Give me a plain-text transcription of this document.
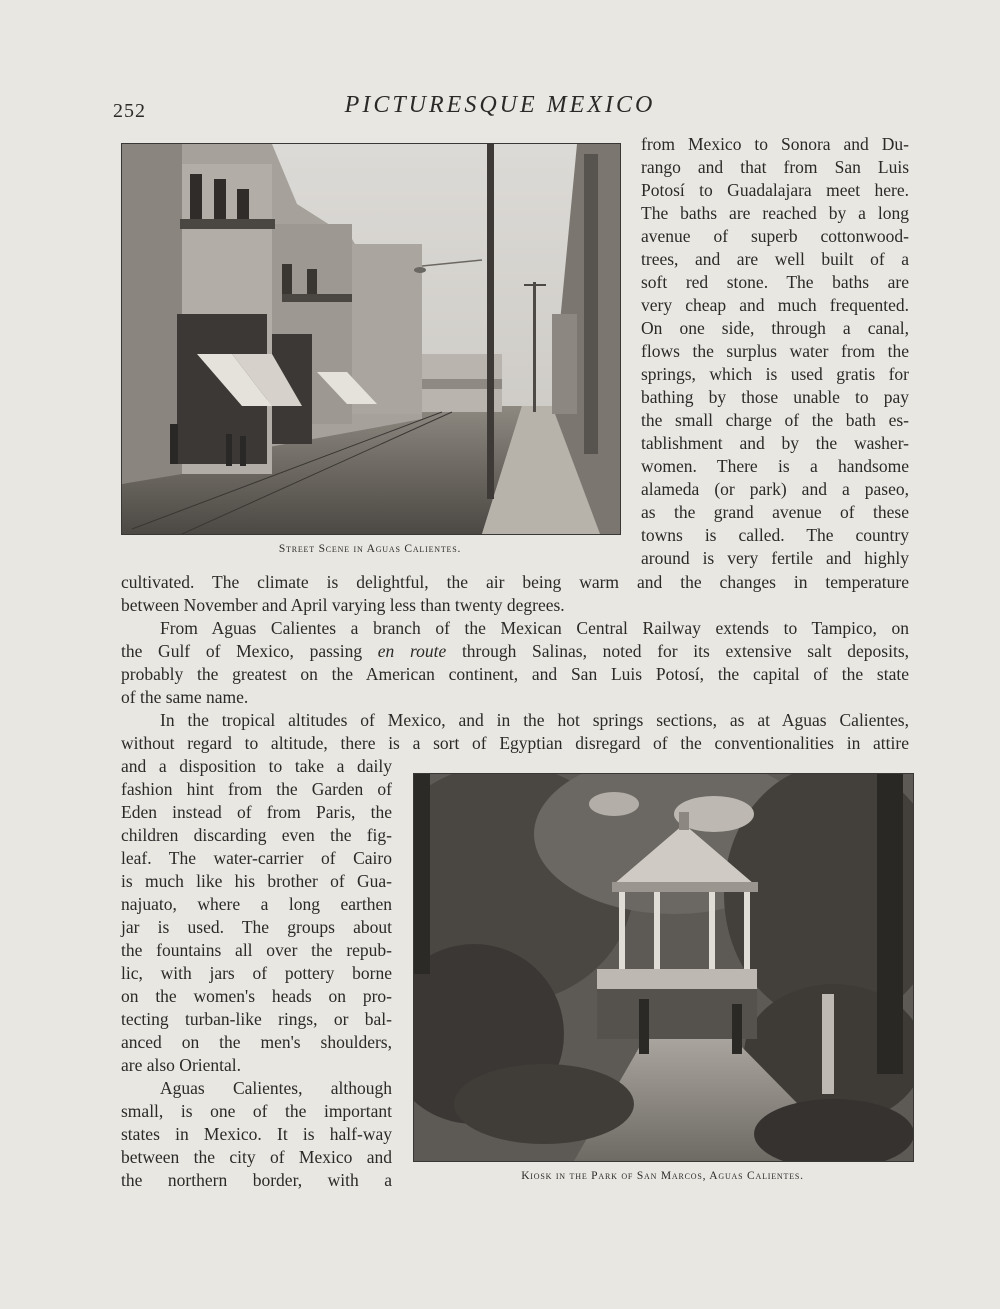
252	PICTURESQUE MEXICO
Street Scene in Aguas Calientes.
from Mexico to Sonora and Du-
rango and that from San Luis
Potosí to Guadalajara meet here.
The baths are reached by a long
avenue of superb cottonwood-
trees, and are well built of a
soft red stone. The baths are
very cheap and much frequented.
On one side, through a canal,
flows the surplus water from the
springs, which is used gratis for
bathing by those unable to pay
the small charge of the bath es-
tablishment and by the washer-
women. There is a handsome
alameda (or park) and a paseo,
as the grand avenue of these
towns is called. The country
around is very fertile and highly
cultivated. The climate is delightful, the air being warm and the changes in temperature
between November and April varying less than twenty degrees.
From Aguas Calientes a branch of the Mexican Central Railway extends to Tampico, on
the Gulf of Mexico, passing en route through Salinas, noted for its extensive salt deposits,
probably the greatest on the American continent, and San Luis Potosí, the capital of the state
of the same name.
In the tropical altitudes of Mexico, and in the hot springs sections, as at Aguas Calientes,
without regard to altitude, there is a sort of Egyptian disregard of the conventionalities in attire
and a disposition to take a daily
fashion hint from the Garden of
Eden instead of from Paris, the
children discarding even the fig-
leaf. The water-carrier of Cairo
is much like his brother of Gua-
najuato, where a long earthen
jar is used. The groups about
the fountains all over the repub-
lic, with jars of pottery borne
on the women's heads on pro-
tecting turban-like rings, or bal-
anced on the men's shoulders,
are also Oriental.
Aguas Calientes, although
small, is one of the important
states in Mexico. It is half-way
between the city of Mexico and
the northern border, with a	Kiosk in the Park of San Marcos, Aguas Calientes.
